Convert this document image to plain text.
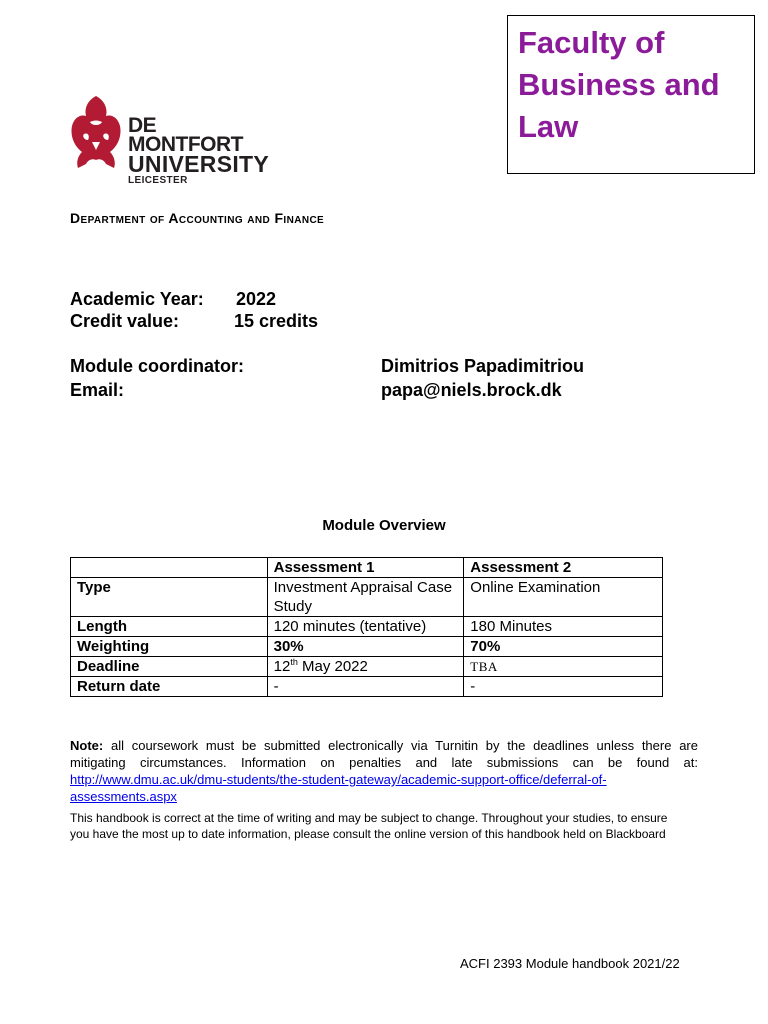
DE MONTFORT
UNIVERSITY
LEICESTER
Faculty of Business and Law
Department of Accounting and Finance
Academic Year: 2022
Credit value:	15 credits
Module coordinator:	Dimitrios Papadimitriou
Email:	papa@niels.brock.dk
Module Overview
	Assessment 1	Assessment 2
Type	Investment Appraisal Case Study	Online Examination
Length	120 minutes (tentative)	180 Minutes
Weighting	30%	70%
Deadline	12th May 2022	TBA
Return date	-	-
Note: all coursework must be submitted electronically via Turnitin by the deadlines unless there are mitigating circumstances. Information on penalties and late submissions can be found at: http://www.dmu.ac.uk/dmu-students/the-student-gateway/academic-support-office/deferral-of-assessments.aspx
This handbook is correct at the time of writing and may be subject to change. Throughout your studies, to ensure you have the most up to date information, please consult the online version of this handbook held on Blackboard
ACFI 2393 Module handbook 2021/22
